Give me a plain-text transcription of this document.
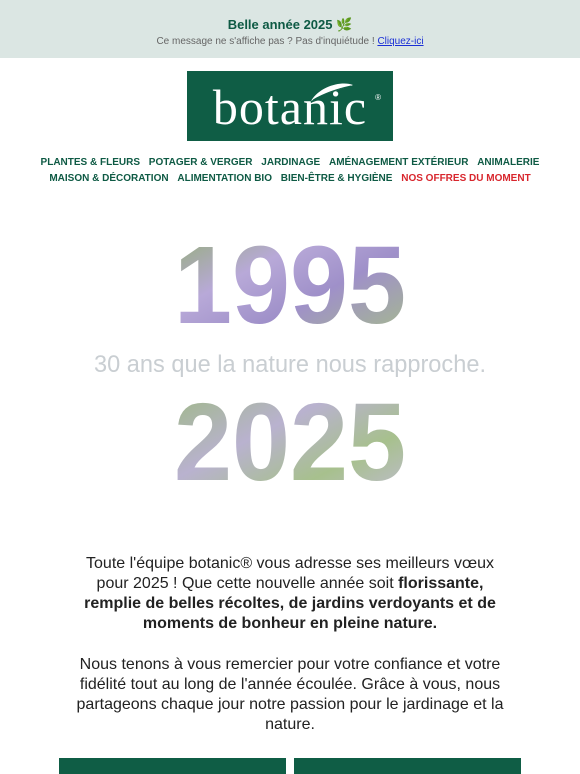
Belle année 2025 🌿
Ce message ne s'affiche pas ? Pas d'inquiétude ! Cliquez-ici
botanic	®
PLANTES & FLEURS POTAGER & VERGER JARDINAGE AMÉNAGEMENT EXTÉRIEUR ANIMALERIE
MAISON & DÉCORATION ALIMENTATION BIO BIEN-ÊTRE & HYGIÈNE NOS OFFRES DU MOMENT
1995
30 ans que la nature nous rapproche.
2025
Toute l'équipe botanic® vous adresse ses meilleurs vœux pour 2025 ! Que cette nouvelle année soit florissante, remplie de belles récoltes, de jardins verdoyants et de moments de bonheur en pleine nature.
Nous tenons à vous remercier pour votre confiance et votre fidélité tout au long de l'année écoulée. Grâce à vous, nous partageons chaque jour notre passion pour le jardinage et la nature.
